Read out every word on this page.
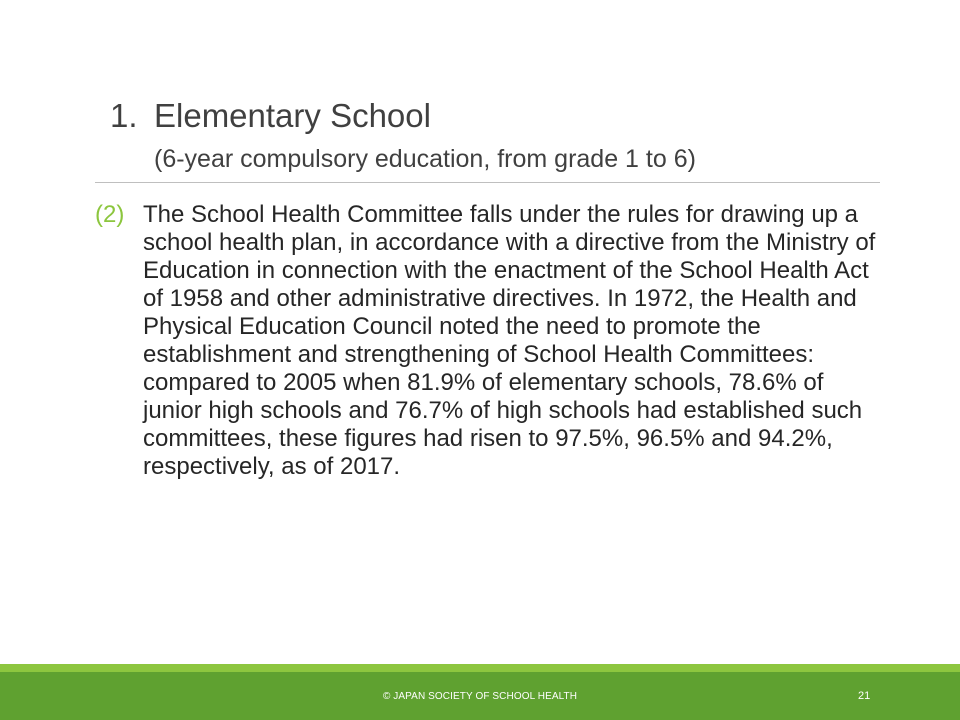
1. Elementary School
(6-year compulsory education, from grade 1 to 6)
(2) The School Health Committee falls under the rules for drawing up a school health plan, in accordance with a directive from the Ministry of Education in connection with the enactment of the School Health Act of 1958 and other administrative directives. In 1972, the Health and Physical Education Council noted the need to promote the establishment and strengthening of School Health Committees: compared to 2005 when 81.9% of elementary schools, 78.6% of junior high schools and 76.7% of high schools had established such committees, these figures had risen to 97.5%, 96.5% and 94.2%, respectively, as of 2017.
© JAPAN SOCIETY OF SCHOOL HEALTH	21
